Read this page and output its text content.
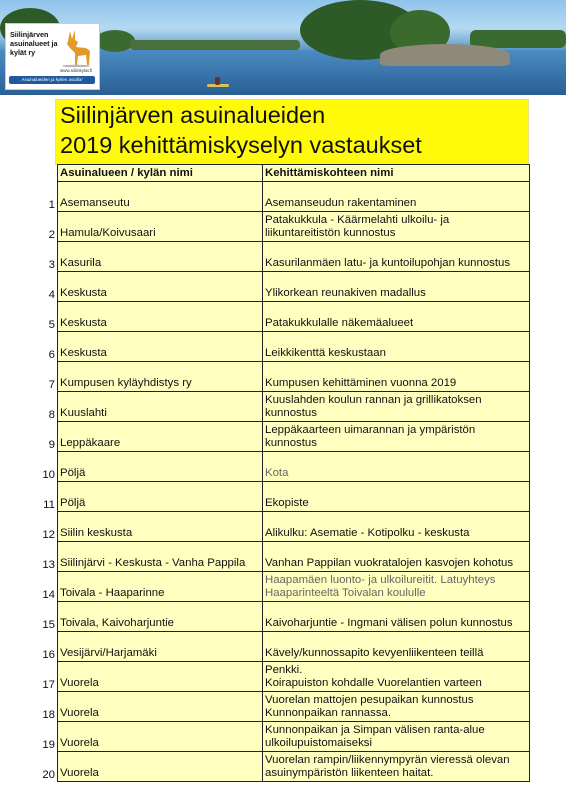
Siilinjärven
asuinalueet ja
kylät ry
www.siilinkylat.fi
Asuinalueiden ja kylien asialla!
Siilinjärven asuinalueiden
2019 kehittämiskyselyn vastaukset
	Asuinalueen / kylän nimi	Kehittämiskohteen nimi
1	Asemanseutu	Asemanseudun rakentaminen

2	Hamula/Koivusaari	Patakukkula - Käärmelahti ulkoilu- ja
liikuntareitistön kunnostus

3	Kasurila	Kasurilanmäen latu- ja kuntoilupohjan kunnostus

4	Keskusta	Ylikorkean reunakiven madallus

5	Keskusta	Patakukkulalle näkemäalueet

6	Keskusta	Leikkikenttä keskustaan

7	Kumpusen kyläyhdistys ry	Kumpusen kehittäminen vuonna 2019

8	Kuuslahti	Kuuslahden koulun rannan ja grillikatoksen
kunnostus

9	Leppäkaare	Leppäkaarteen uimarannan ja ympäristön
kunnostus

10	Pöljä	Kota

11	Pöljä	Ekopiste

12	Siilin keskusta	Alikulku: Asematie - Kotipolku - keskusta

13	Siilinjärvi - Keskusta - Vanha Pappila	Vanhan Pappilan vuokratalojen kasvojen kohotus

14	Toivala - Haaparinne	Haapamäen luonto- ja ulkoilureitit. Latuyhteys
Haaparinteeltä Toivalan koululle

15	Toivala, Kaivoharjuntie	Kaivoharjuntie - Ingmani välisen polun kunnostus

16	Vesijärvi/Harjamäki	Kävely/kunnossapito kevyenliikenteen teillä

17	Vuorela	Penkki.
Koirapuiston kohdalle Vuorelantien varteen

18	Vuorela	Vuorelan mattojen pesupaikan kunnostus
Kunnonpaikan rannassa.

19	Vuorela	Kunnonpaikan ja Simpan välisen ranta-alue
ulkoilupuistomaiseksi

20	Vuorela	Vuorelan rampin/liikennympyrän vieressä olevan
asuinympäristön liikenteen haitat.
